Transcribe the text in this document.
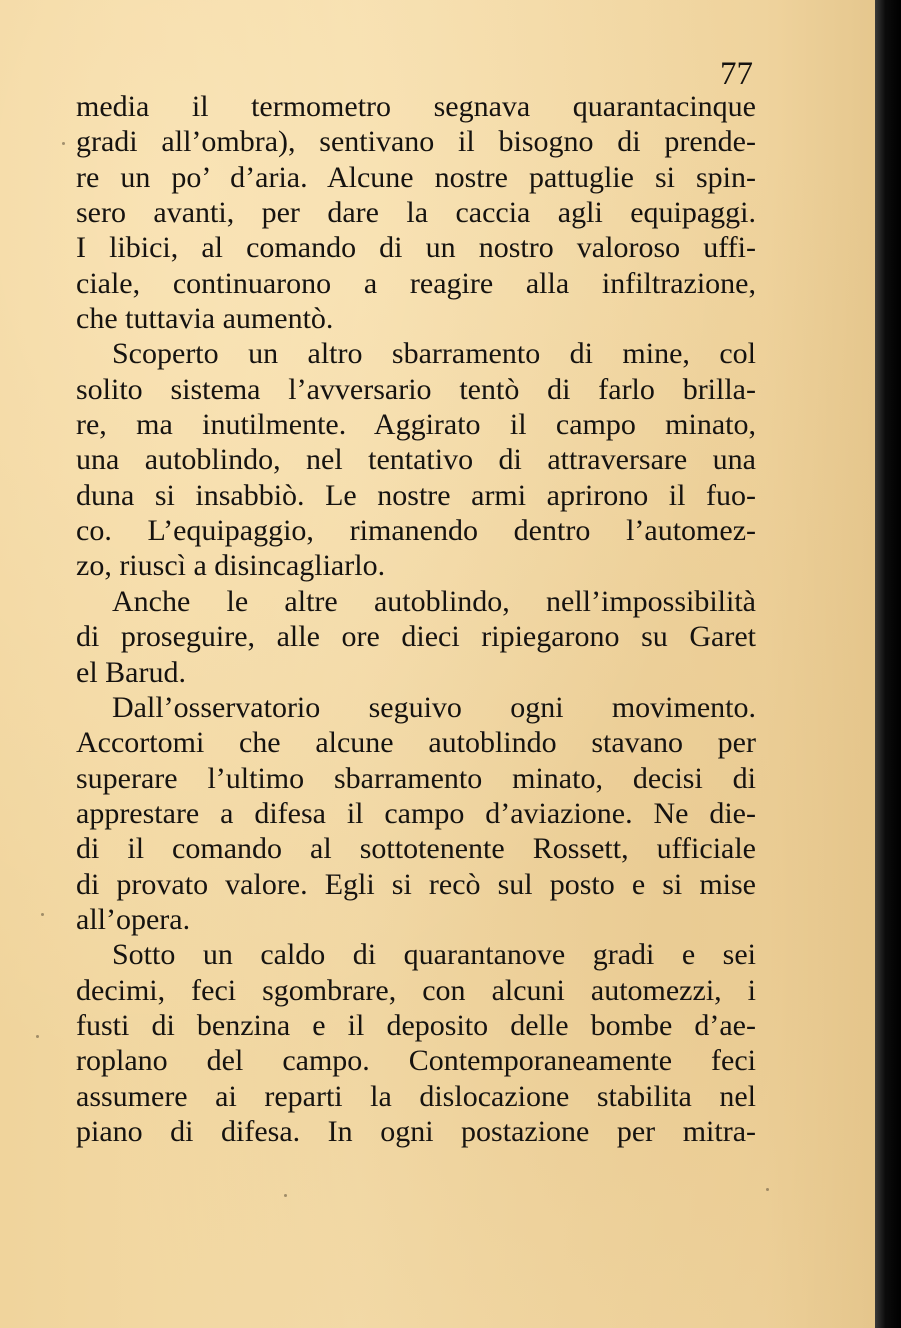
77

media il termometro segnava quarantacinque
gradi all’ombra), sentivano il bisogno di prende-
re un po’ d’aria. Alcune nostre pattuglie si spin-
sero avanti, per dare la caccia agli equipaggi.
I libici, al comando di un nostro valoroso uffi-
ciale, continuarono a reagire alla infiltrazione,
che tuttavia aumentò.
Scoperto un altro sbarramento di mine, col
solito sistema l’avversario tentò di farlo brilla-
re, ma inutilmente. Aggirato il campo minato,
una autoblindo, nel tentativo di attraversare una
duna si insabbiò. Le nostre armi aprirono il fuo-
co. L’equipaggio, rimanendo dentro l’automez-
zo, riuscì a disincagliarlo.
Anche le altre autoblindo, nell’impossibilità
di proseguire, alle ore dieci ripiegarono su Garet
el Barud.
Dall’osservatorio seguivo ogni movimento.
Accortomi che alcune autoblindo stavano per
superare l’ultimo sbarramento minato, decisi di
apprestare a difesa il campo d’aviazione. Ne die-
di il comando al sottotenente Rossett, ufficiale
di provato valore. Egli si recò sul posto e si mise
all’opera.
Sotto un caldo di quarantanove gradi e sei
decimi, feci sgombrare, con alcuni automezzi, i
fusti di benzina e il deposito delle bombe d’ae-
roplano del campo. Contemporaneamente feci
assumere ai reparti la dislocazione stabilita nel
piano di difesa. In ogni postazione per mitra-
